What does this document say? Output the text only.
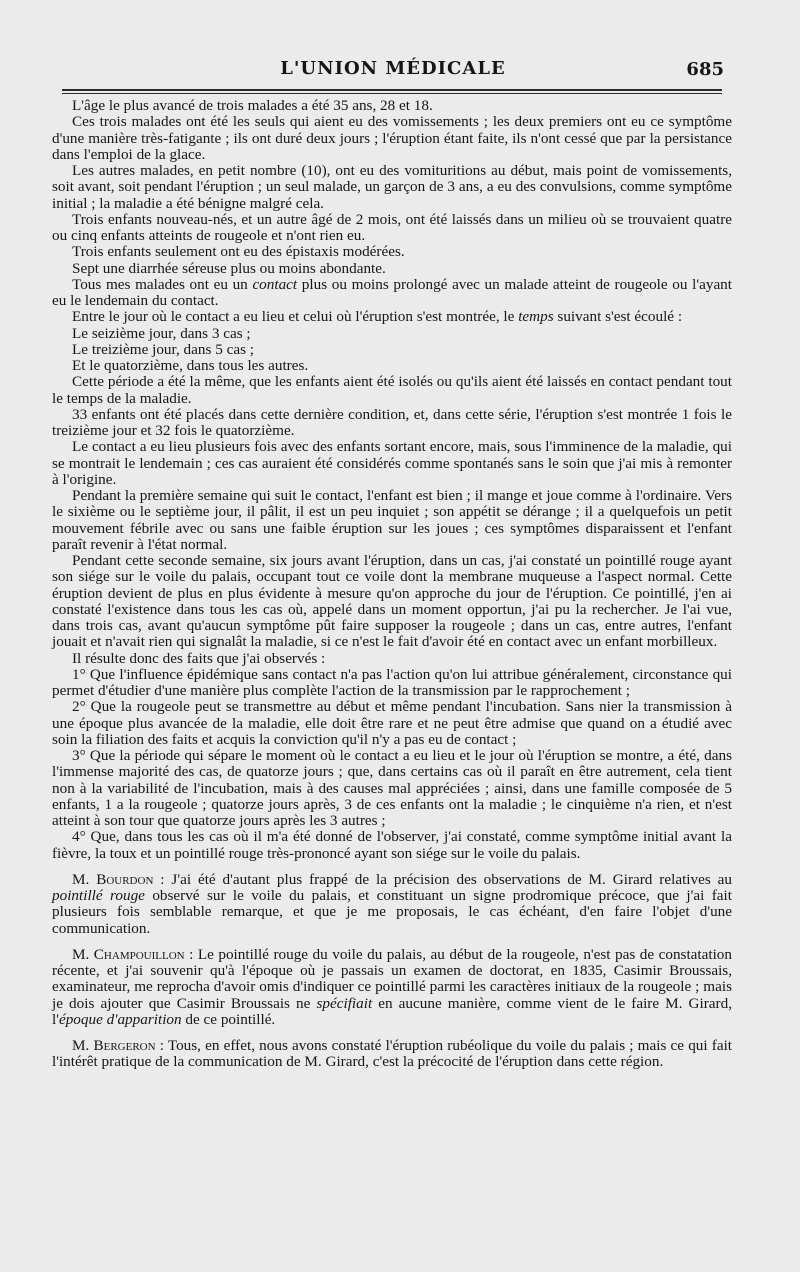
L'UNION MÉDICALE	685

L'âge le plus avancé de trois malades a été 35 ans, 28 et 18.

Ces trois malades ont été les seuls qui aient eu des vomissements ; les deux premiers ont eu ce symptôme d'une manière très-fatigante ; ils ont duré deux jours ; l'éruption étant faite, ils n'ont cessé que par la persistance dans l'emploi de la glace.

Les autres malades, en petit nombre (10), ont eu des vomituritions au début, mais point de vomissements, soit avant, soit pendant l'éruption ; un seul malade, un garçon de 3 ans, a eu des convulsions, comme symptôme initial ; la maladie a été bénigne malgré cela.

Trois enfants nouveau-nés, et un autre âgé de 2 mois, ont été laissés dans un milieu où se trouvaient quatre ou cinq enfants atteints de rougeole et n'ont rien eu.

Trois enfants seulement ont eu des épistaxis modérées.

Sept une diarrhée séreuse plus ou moins abondante.

Tous mes malades ont eu un contact plus ou moins prolongé avec un malade atteint de rougeole ou l'ayant eu le lendemain du contact.

Entre le jour où le contact a eu lieu et celui où l'éruption s'est montrée, le temps suivant s'est écoulé :

Le seizième jour, dans 3 cas ;

Le treizième jour, dans 5 cas ;

Et le quatorzième, dans tous les autres.

Cette période a été la même, que les enfants aient été isolés ou qu'ils aient été laissés en contact pendant tout le temps de la maladie.

33 enfants ont été placés dans cette dernière condition, et, dans cette série, l'éruption s'est montrée 1 fois le treizième jour et 32 fois le quatorzième.

Le contact a eu lieu plusieurs fois avec des enfants sortant encore, mais, sous l'imminence de la maladie, qui se montrait le lendemain ; ces cas auraient été considérés comme spontanés sans le soin que j'ai mis à remonter à l'origine.

Pendant la première semaine qui suit le contact, l'enfant est bien ; il mange et joue comme à l'ordinaire. Vers le sixième ou le septième jour, il pâlit, il est un peu inquiet ; son appétit se dérange ; il a quelquefois un petit mouvement fébrile avec ou sans une faible éruption sur les joues ; ces symptômes disparaissent et l'enfant paraît revenir à l'état normal.

Pendant cette seconde semaine, six jours avant l'éruption, dans un cas, j'ai constaté un pointillé rouge ayant son siége sur le voile du palais, occupant tout ce voile dont la membrane muqueuse a l'aspect normal. Cette éruption devient de plus en plus évidente à mesure qu'on approche du jour de l'éruption. Ce pointillé, j'en ai constaté l'existence dans tous les cas où, appelé dans un moment opportun, j'ai pu la rechercher. Je l'ai vue, dans trois cas, avant qu'aucun symptôme pût faire supposer la rougeole ; dans un cas, entre autres, l'enfant jouait et n'avait rien qui signalât la maladie, si ce n'est le fait d'avoir été en contact avec un enfant morbilleux.

Il résulte donc des faits que j'ai observés :

1° Que l'influence épidémique sans contact n'a pas l'action qu'on lui attribue généralement, circonstance qui permet d'étudier d'une manière plus complète l'action de la transmission par le rapprochement ;

2° Que la rougeole peut se transmettre au début et même pendant l'incubation. Sans nier la transmission à une époque plus avancée de la maladie, elle doit être rare et ne peut être admise que quand on a étudié avec soin la filiation des faits et acquis la conviction qu'il n'y a pas eu de contact ;

3° Que la période qui sépare le moment où le contact a eu lieu et le jour où l'éruption se montre, a été, dans l'immense majorité des cas, de quatorze jours ; que, dans certains cas où il paraît en être autrement, cela tient non à la variabilité de l'incubation, mais à des causes mal appréciées ; ainsi, dans une famille composée de 5 enfants, 1 a la rougeole ; quatorze jours après, 3 de ces enfants ont la maladie ; le cinquième n'a rien, et n'est atteint à son tour que quatorze jours après les 3 autres ;

4° Que, dans tous les cas où il m'a été donné de l'observer, j'ai constaté, comme symptôme initial avant la fièvre, la toux et un pointillé rouge très-prononcé ayant son siége sur le voile du palais.

M. Bourdon : J'ai été d'autant plus frappé de la précision des observations de M. Girard relatives au pointillé rouge observé sur le voile du palais, et constituant un signe prodromique précoce, que j'ai fait plusieurs fois semblable remarque, et que je me proposais, le cas échéant, d'en faire l'objet d'une communication.

M. Champouillon : Le pointillé rouge du voile du palais, au début de la rougeole, n'est pas de constatation récente, et j'ai souvenir qu'à l'époque où je passais un examen de doctorat, en 1835, Casimir Broussais, examinateur, me reprocha d'avoir omis d'indiquer ce pointillé parmi les caractères initiaux de la rougeole ; mais je dois ajouter que Casimir Broussais ne spécifiait en aucune manière, comme vient de le faire M. Girard, l'époque d'apparition de ce pointillé.

M. Bergeron : Tous, en effet, nous avons constaté l'éruption rubéolique du voile du palais ; mais ce qui fait l'intérêt pratique de la communication de M. Girard, c'est la précocité de l'éruption dans cette région.
